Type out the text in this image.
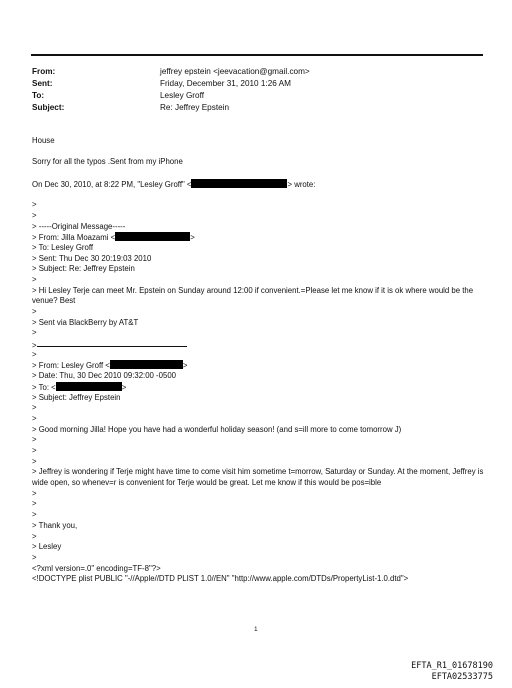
From:	jeffrey epstein <jeevacation@gmail.com>
Sent:	Friday, December 31, 2010 1:26 AM
To:	Lesley Groff
Subject:	Re: Jeffrey Epstein
House
Sorry for all the typos .Sent from my iPhone
On Dec 30, 2010, at 8:22 PM, "Lesley Groff" <	> wrote:
>
>
> -----Original Message-----
> From: Jilla Moazami <	>
> To: Lesley Groff
> Sent: Thu Dec 30 20:19:03 2010
> Subject: Re: Jeffrey Epstein
>
> Hi Lesley Terje can meet Mr. Epstein on Sunday around 12:00 if convenient.=Please let me know if it is ok where would be the venue? Best
>
> Sent via BlackBerry by AT&T
>
>
>
> From: Lesley Groff <	>
> Date: Thu, 30 Dec 2010 09:32:00 -0500
> To: <	>
> Subject: Jeffrey Epstein
>
>
> Good morning Jilla! Hope you have had a wonderful holiday season! (and s=ill more to come tomorrow J)
>
>
>
> Jeffrey is wondering if Terje might have time to come visit him sometime t=morrow, Saturday or Sunday. At the moment, Jeffrey is wide open, so whenev=r is convenient for Terje would be great. Let me know if this would be pos=ible
>
>
>
> Thank you,
>
> Lesley
>
<?xml version=.0" encoding=TF-8"?>
<!DOCTYPE plist PUBLIC "-//Apple//DTD PLIST 1.0//EN" "http://www.apple.com/DTDs/PropertyList-1.0.dtd">
1
EFTA_R1_01678190
EFTA02533775
